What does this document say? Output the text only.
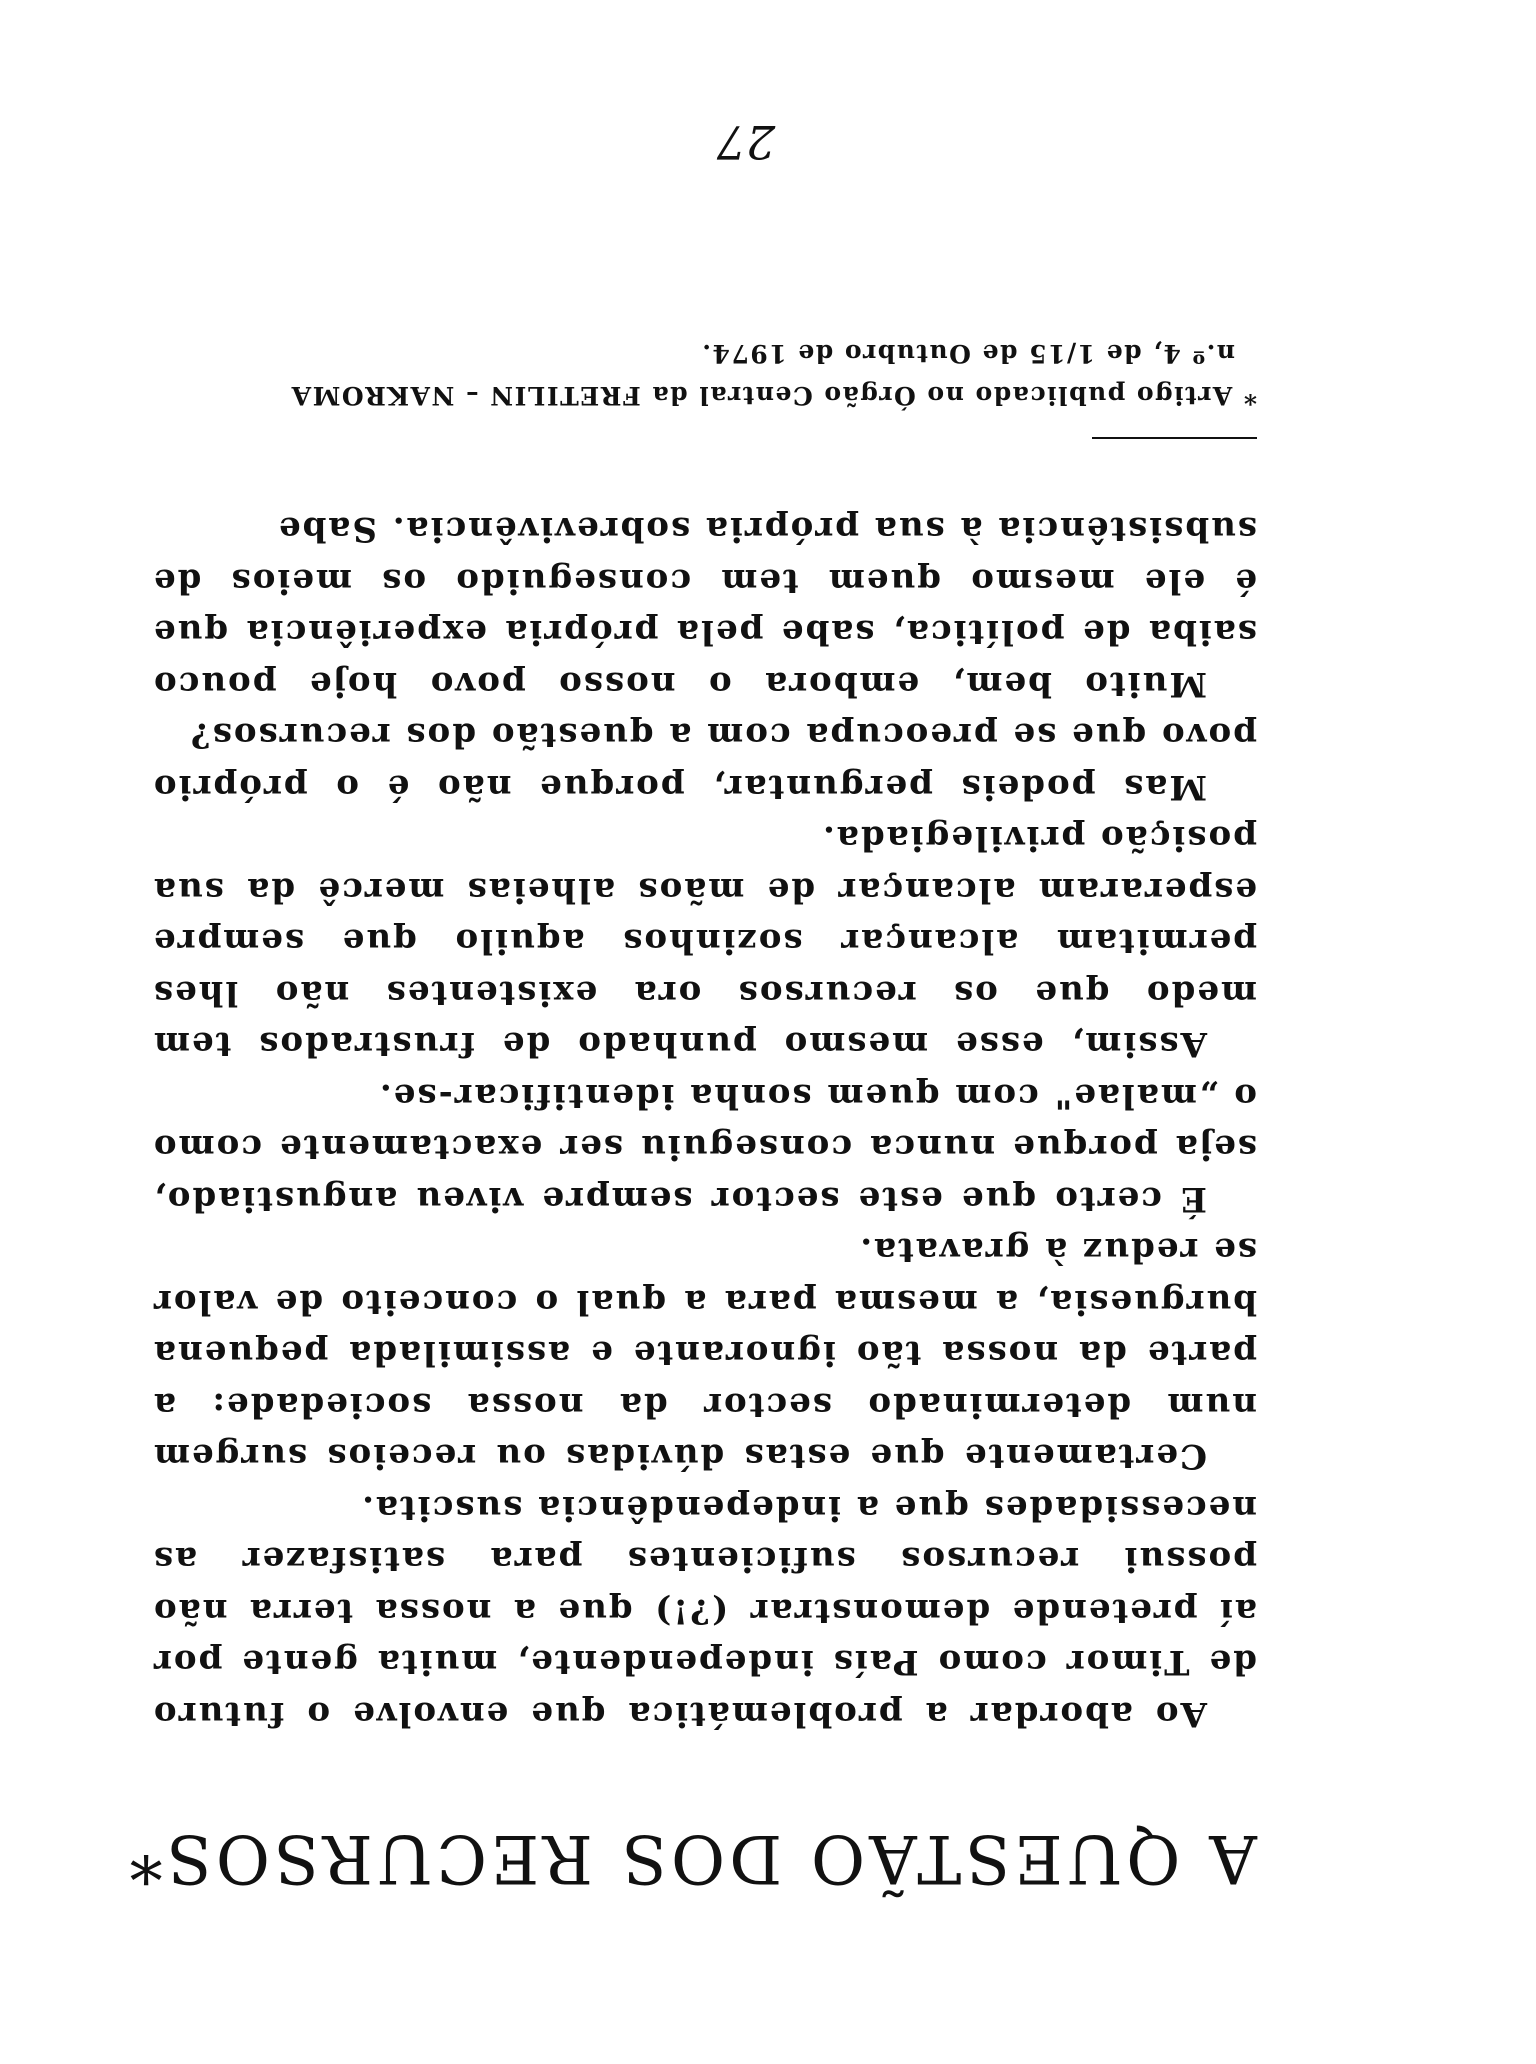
A QUESTÃO DOS RECURSOS*

Ao abordar a problemática que envolve o futuro de Timor como País independente, muita gente por aí pretende demonstrar (?!) que a nossa terra não possui recursos suficientes para satisfazer as necessidades que a independência suscita.

Certamente que estas dúvidas ou receios surgem num determinado sector da nossa sociedade: a parte da nossa tão ignorante e assimilada pequena burguesia, a mesma para a qual o conceito de valor se reduz à gravata.

É certo que este sector sempre viveu angustiado, seja porque nunca conseguiu ser exactamente como o „malae" com quem sonha identificar-se.

Assim, esse mesmo punhado de frustrados tem medo que os recursos ora existentes não lhes permitam alcançar sozinhos aquilo que sempre esperaram alcançar de mãos alheias mercê da sua posição privilegiada.

Mas podeis perguntar, porque não é o próprio povo que se preocupa com a questão dos recursos?

Muito bem, embora o nosso povo hoje pouco saiba de política, sabe pela própria experiência que é ele mesmo quem tem conseguido os meios de subsistência à sua própria sobrevivência. Sabe

* Artigo publicado no Órgão Central da FRETILIN – NAKROMA
n.º 4, de 1/15 de Outubro de 1974.
27
